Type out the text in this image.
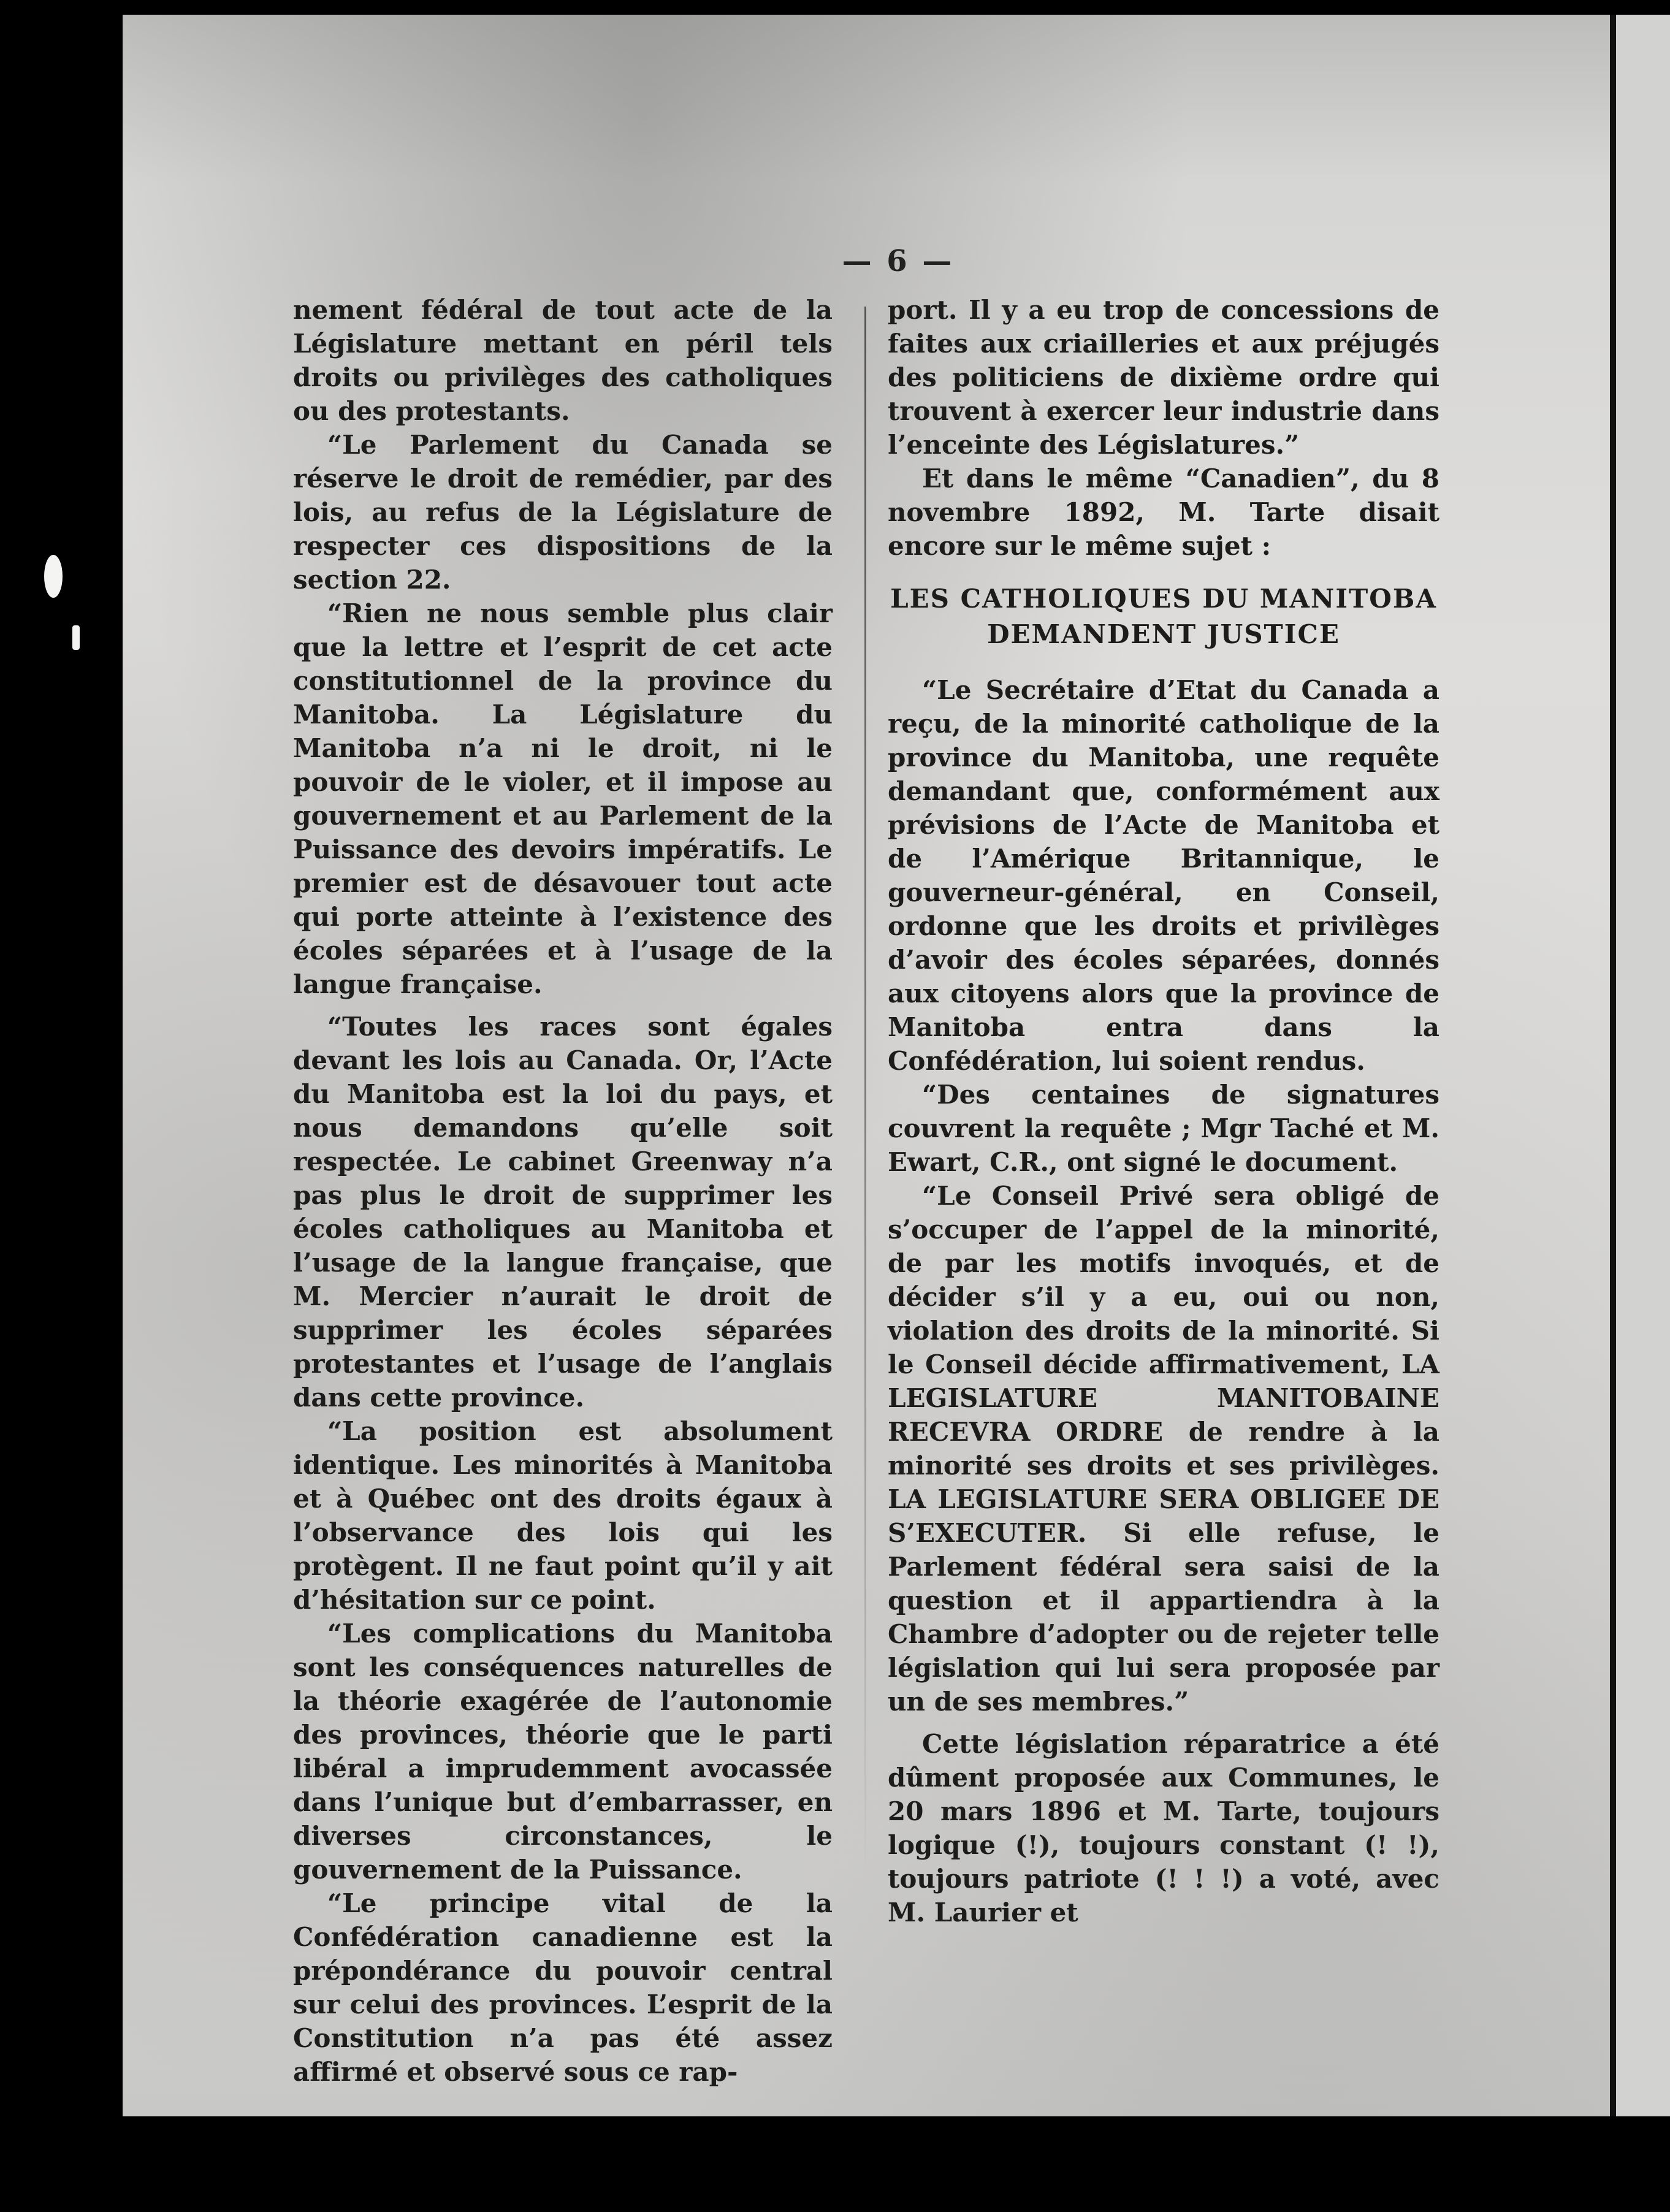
— 6 —

nement fédéral de tout acte de la Législature mettant en péril tels droits ou privilèges des catholiques ou des protestants.

“Le Parlement du Canada se réserve le droit de remédier, par des lois, au refus de la Législature de respecter ces dispositions de la section 22.

“Rien ne nous semble plus clair que la lettre et l’esprit de cet acte constitutionnel de la province du Manitoba. La Législature du Manitoba n’a ni le droit, ni le pouvoir de le violer, et il impose au gouvernement et au Parlement de la Puissance des devoirs impératifs. Le premier est de désavouer tout acte qui porte atteinte à l’existence des écoles séparées et à l’usage de la langue française.

“Toutes les races sont égales devant les lois au Canada. Or, l’Acte du Manitoba est la loi du pays, et nous demandons qu’elle soit respectée. Le cabinet Greenway n’a pas plus le droit de supprimer les écoles catholiques au Manitoba et l’usage de la langue française, que M. Mercier n’aurait le droit de supprimer les écoles séparées protestantes et l’usage de l’anglais dans cette province.

“La position est absolument identique. Les minorités à Manitoba et à Québec ont des droits égaux à l’observance des lois qui les protègent. Il ne faut point qu’il y ait d’hésitation sur ce point.

“Les complications du Manitoba sont les conséquences naturelles de la théorie exagérée de l’autonomie des provinces, théorie que le parti libéral a imprudemment avocassée dans l’unique but d’embarrasser, en diverses circonstances, le gouvernement de la Puissance.

“Le principe vital de la Confédération canadienne est la prépondérance du pouvoir central sur celui des provinces. L’esprit de la Constitution n’a pas été assez affirmé et observé sous ce rap-

port. Il y a eu trop de concessions de faites aux criailleries et aux préjugés des politiciens de dixième ordre qui trouvent à exercer leur industrie dans l’enceinte des Législatures.”

Et dans le même “Canadien”, du 8 novembre 1892, M. Tarte disait encore sur le même sujet :

LES CATHOLIQUES DU MANITOBA
DEMANDENT JUSTICE

“Le Secrétaire d’Etat du Canada a reçu, de la minorité catholique de la province du Manitoba, une requête demandant que, conformément aux prévisions de l’Acte de Manitoba et de l’Amérique Britannique, le gouverneur-général, en Conseil, ordonne que les droits et privilèges d’avoir des écoles séparées, donnés aux citoyens alors que la province de Manitoba entra dans la Confédération, lui soient rendus.

“Des centaines de signatures couvrent la requête ; Mgr Taché et M. Ewart, C.R., ont signé le document.

“Le Conseil Privé sera obligé de s’occuper de l’appel de la minorité, de par les motifs invoqués, et de décider s’il y a eu, oui ou non, violation des droits de la minorité. Si le Conseil décide affirmativement, LA LEGISLATURE MANITOBAINE RECEVRA ORDRE de rendre à la minorité ses droits et ses privilèges. LA LEGISLATURE SERA OBLIGEE DE S’EXECUTER. Si elle refuse, le Parlement fédéral sera saisi de la question et il appartiendra à la Chambre d’adopter ou de rejeter telle législation qui lui sera proposée par un de ses membres.”

Cette législation réparatrice a été dûment proposée aux Communes, le 20 mars 1896 et M. Tarte, toujours logique (!), toujours constant (! !), toujours patriote (! ! !) a voté, avec M. Laurier et
